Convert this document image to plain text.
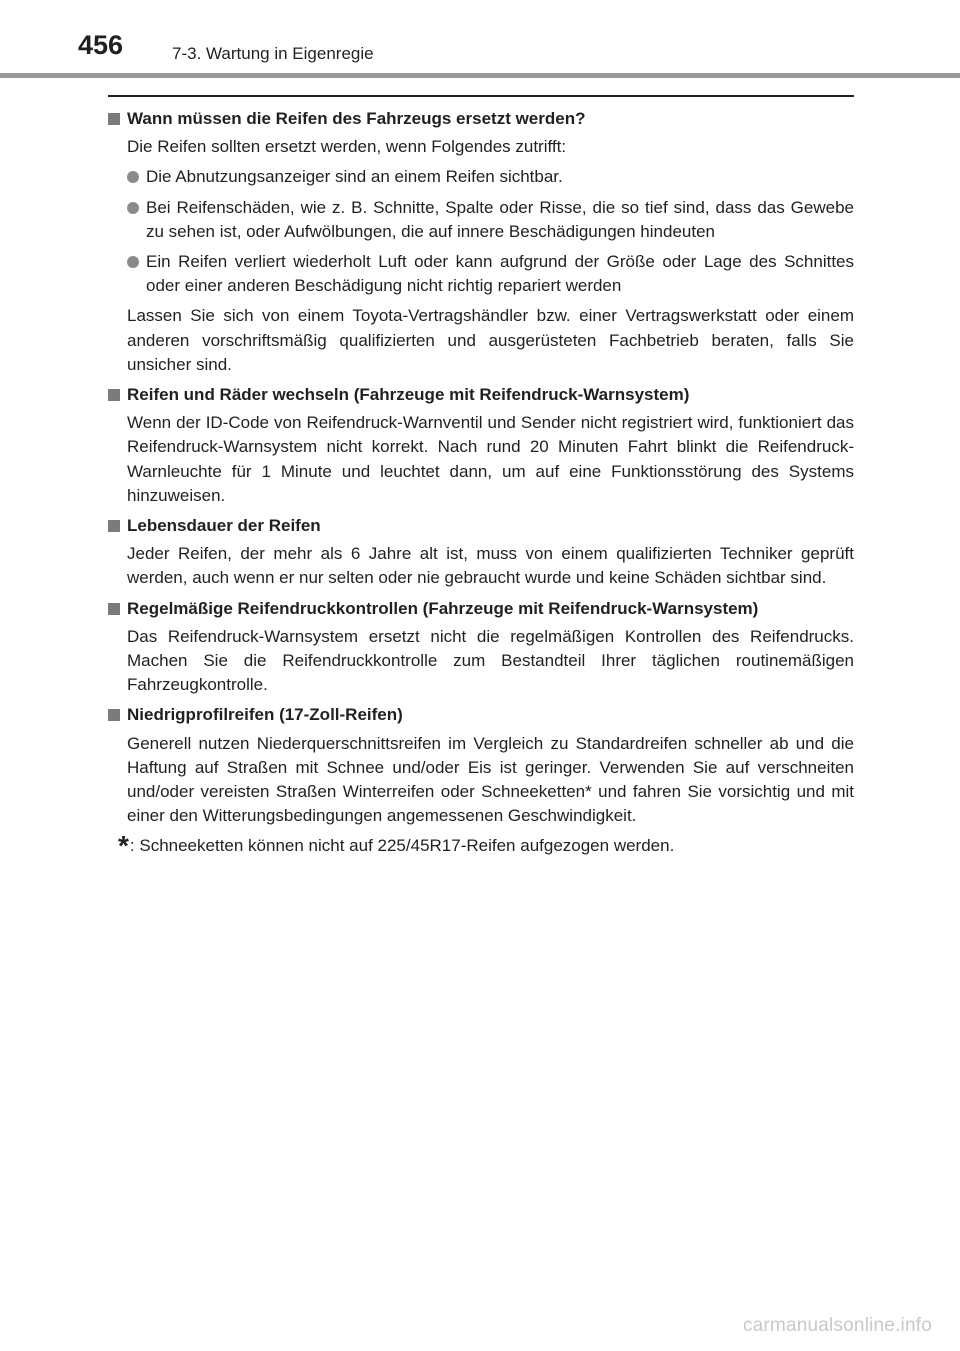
456	7-3. Wartung in Eigenregie
Wann müssen die Reifen des Fahrzeugs ersetzt werden?

Die Reifen sollten ersetzt werden, wenn Folgendes zutrifft:

Die Abnutzungsanzeiger sind an einem Reifen sichtbar.
Bei Reifenschäden, wie z. B. Schnitte, Spalte oder Risse, die so tief sind, dass das Gewebe zu sehen ist, oder Aufwölbungen, die auf innere Beschädigungen hindeuten
Ein Reifen verliert wiederholt Luft oder kann aufgrund der Größe oder Lage des Schnittes oder einer anderen Beschädigung nicht richtig repariert werden

Lassen Sie sich von einem Toyota-Vertragshändler bzw. einer Vertragswerkstatt oder einem anderen vorschriftsmäßig qualifizierten und ausgerüsteten Fachbetrieb beraten, falls Sie unsicher sind.

Reifen und Räder wechseln (Fahrzeuge mit Reifendruck-Warnsystem)

Wenn der ID-Code von Reifendruck-Warnventil und Sender nicht registriert wird, funktioniert das Reifendruck-Warnsystem nicht korrekt. Nach rund 20 Minuten Fahrt blinkt die Reifendruck-Warnleuchte für 1 Minute und leuchtet dann, um auf eine Funktionsstörung des Systems hinzuweisen.

Lebensdauer der Reifen

Jeder Reifen, der mehr als 6 Jahre alt ist, muss von einem qualifizierten Techniker geprüft werden, auch wenn er nur selten oder nie gebraucht wurde und keine Schäden sichtbar sind.

Regelmäßige Reifendruckkontrollen (Fahrzeuge mit Reifendruck-Warnsystem)

Das Reifendruck-Warnsystem ersetzt nicht die regelmäßigen Kontrollen des Reifendrucks. Machen Sie die Reifendruckkontrolle zum Bestandteil Ihrer täglichen routinemäßigen Fahrzeugkontrolle.

Niedrigprofilreifen (17-Zoll-Reifen)

Generell nutzen Niederquerschnittsreifen im Vergleich zu Standardreifen schneller ab und die Haftung auf Straßen mit Schnee und/oder Eis ist geringer. Verwenden Sie auf verschneiten und/oder vereisten Straßen Winterreifen oder Schneeketten* und fahren Sie vorsichtig und mit einer den Witterungsbedingungen angemessenen Geschwindigkeit.

* : Schneeketten können nicht auf 225/45R17-Reifen aufgezogen werden.
carmanualsonline.info
